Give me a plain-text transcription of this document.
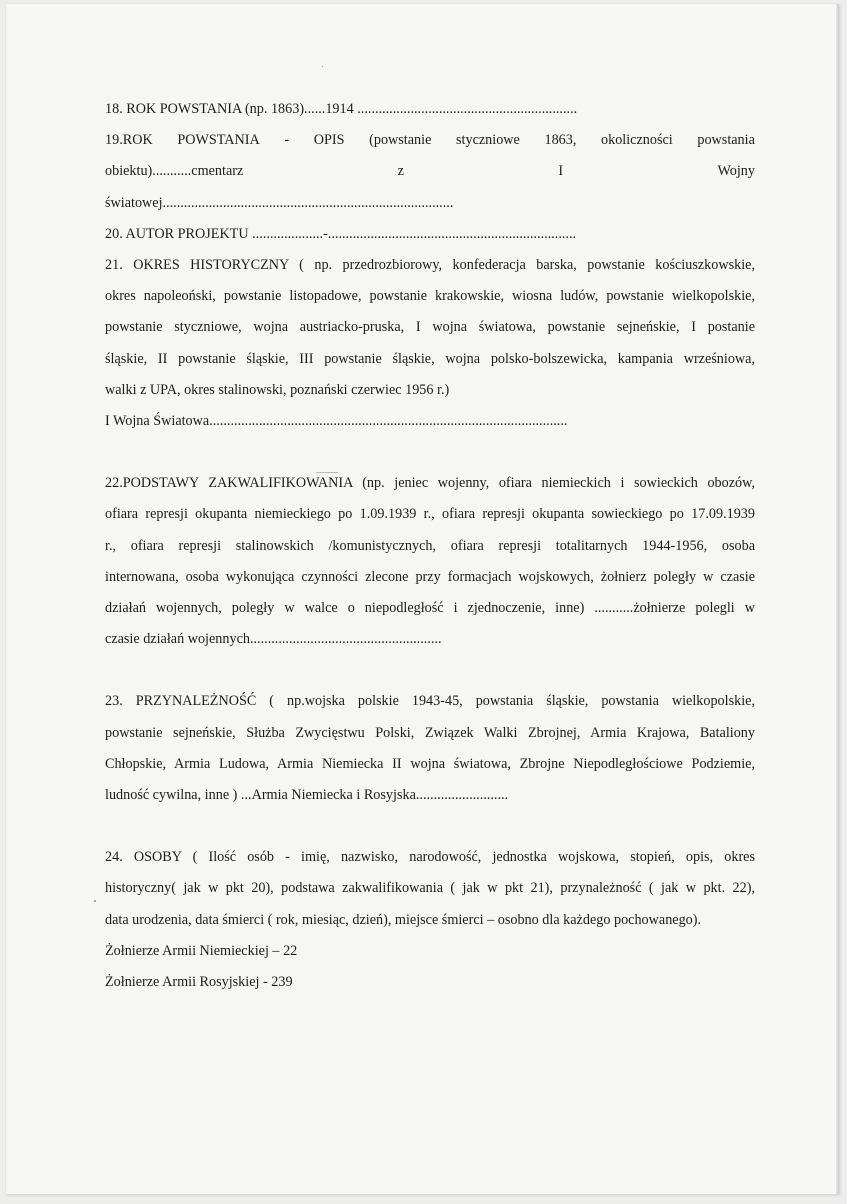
18. ROK POWSTANIA (np. 1863)......1914 ..............................................................
19.ROK POWSTANIA - OPIS (powstanie styczniowe 1863, okoliczności powstania
obiektu)...........cmentarz	z	I	Wojny
światowej..................................................................................
20. AUTOR PROJEKTU ....................-......................................................................
21. OKRES HISTORYCZNY ( np. przedrozbiorowy, konfederacja barska, powstanie kościuszkowskie,
okres napoleoński, powstanie listopadowe, powstanie krakowskie, wiosna ludów, powstanie wielkopolskie,
powstanie styczniowe, wojna austriacko-pruska, I wojna światowa, powstanie sejneńskie, I postanie
śląskie, II powstanie śląskie, III powstanie śląskie, wojna polsko-bolszewicka, kampania wrześniowa,
walki z UPA, okres stalinowski, poznański czerwiec 1956 r.)
I Wojna Światowa.....................................................................................................
22.PODSTAWY ZAKWALIFIKOWANIA (np. jeniec wojenny, ofiara niemieckich i sowieckich obozów,
ofiara represji okupanta niemieckiego po 1.09.1939 r., ofiara represji okupanta sowieckiego po 17.09.1939
r., ofiara represji stalinowskich /komunistycznych, ofiara represji totalitarnych 1944-1956, osoba
internowana, osoba wykonująca czynności zlecone przy formacjach wojskowych, żołnierz poległy w czasie
działań wojennych, poległy w walce o niepodległość i zjednoczenie, inne) ...........żołnierze polegli w
czasie działań wojennych......................................................
23. PRZYNALEŻNOŚĆ ( np.wojska polskie 1943-45, powstania śląskie, powstania wielkopolskie,
powstanie sejneńskie, Służba Zwycięstwu Polski, Związek Walki Zbrojnej, Armia Krajowa, Bataliony
Chłopskie, Armia Ludowa, Armia Niemiecka II wojna światowa, Zbrojne Niepodległościowe Podziemie,
ludność cywilna, inne ) ...Armia Niemiecka i Rosyjska..........................
24. OSOBY ( Ilość osób - imię, nazwisko, narodowość, jednostka wojskowa, stopień, opis, okres
historyczny( jak w pkt 20), podstawa zakwalifikowania ( jak w pkt 21), przynależność ( jak w pkt. 22),
data urodzenia, data śmierci ( rok, miesiąc, dzień), miejsce śmierci – osobno dla każdego pochowanego).
Żołnierze Armii Niemieckiej – 22
Żołnierze Armii Rosyjskiej - 239
